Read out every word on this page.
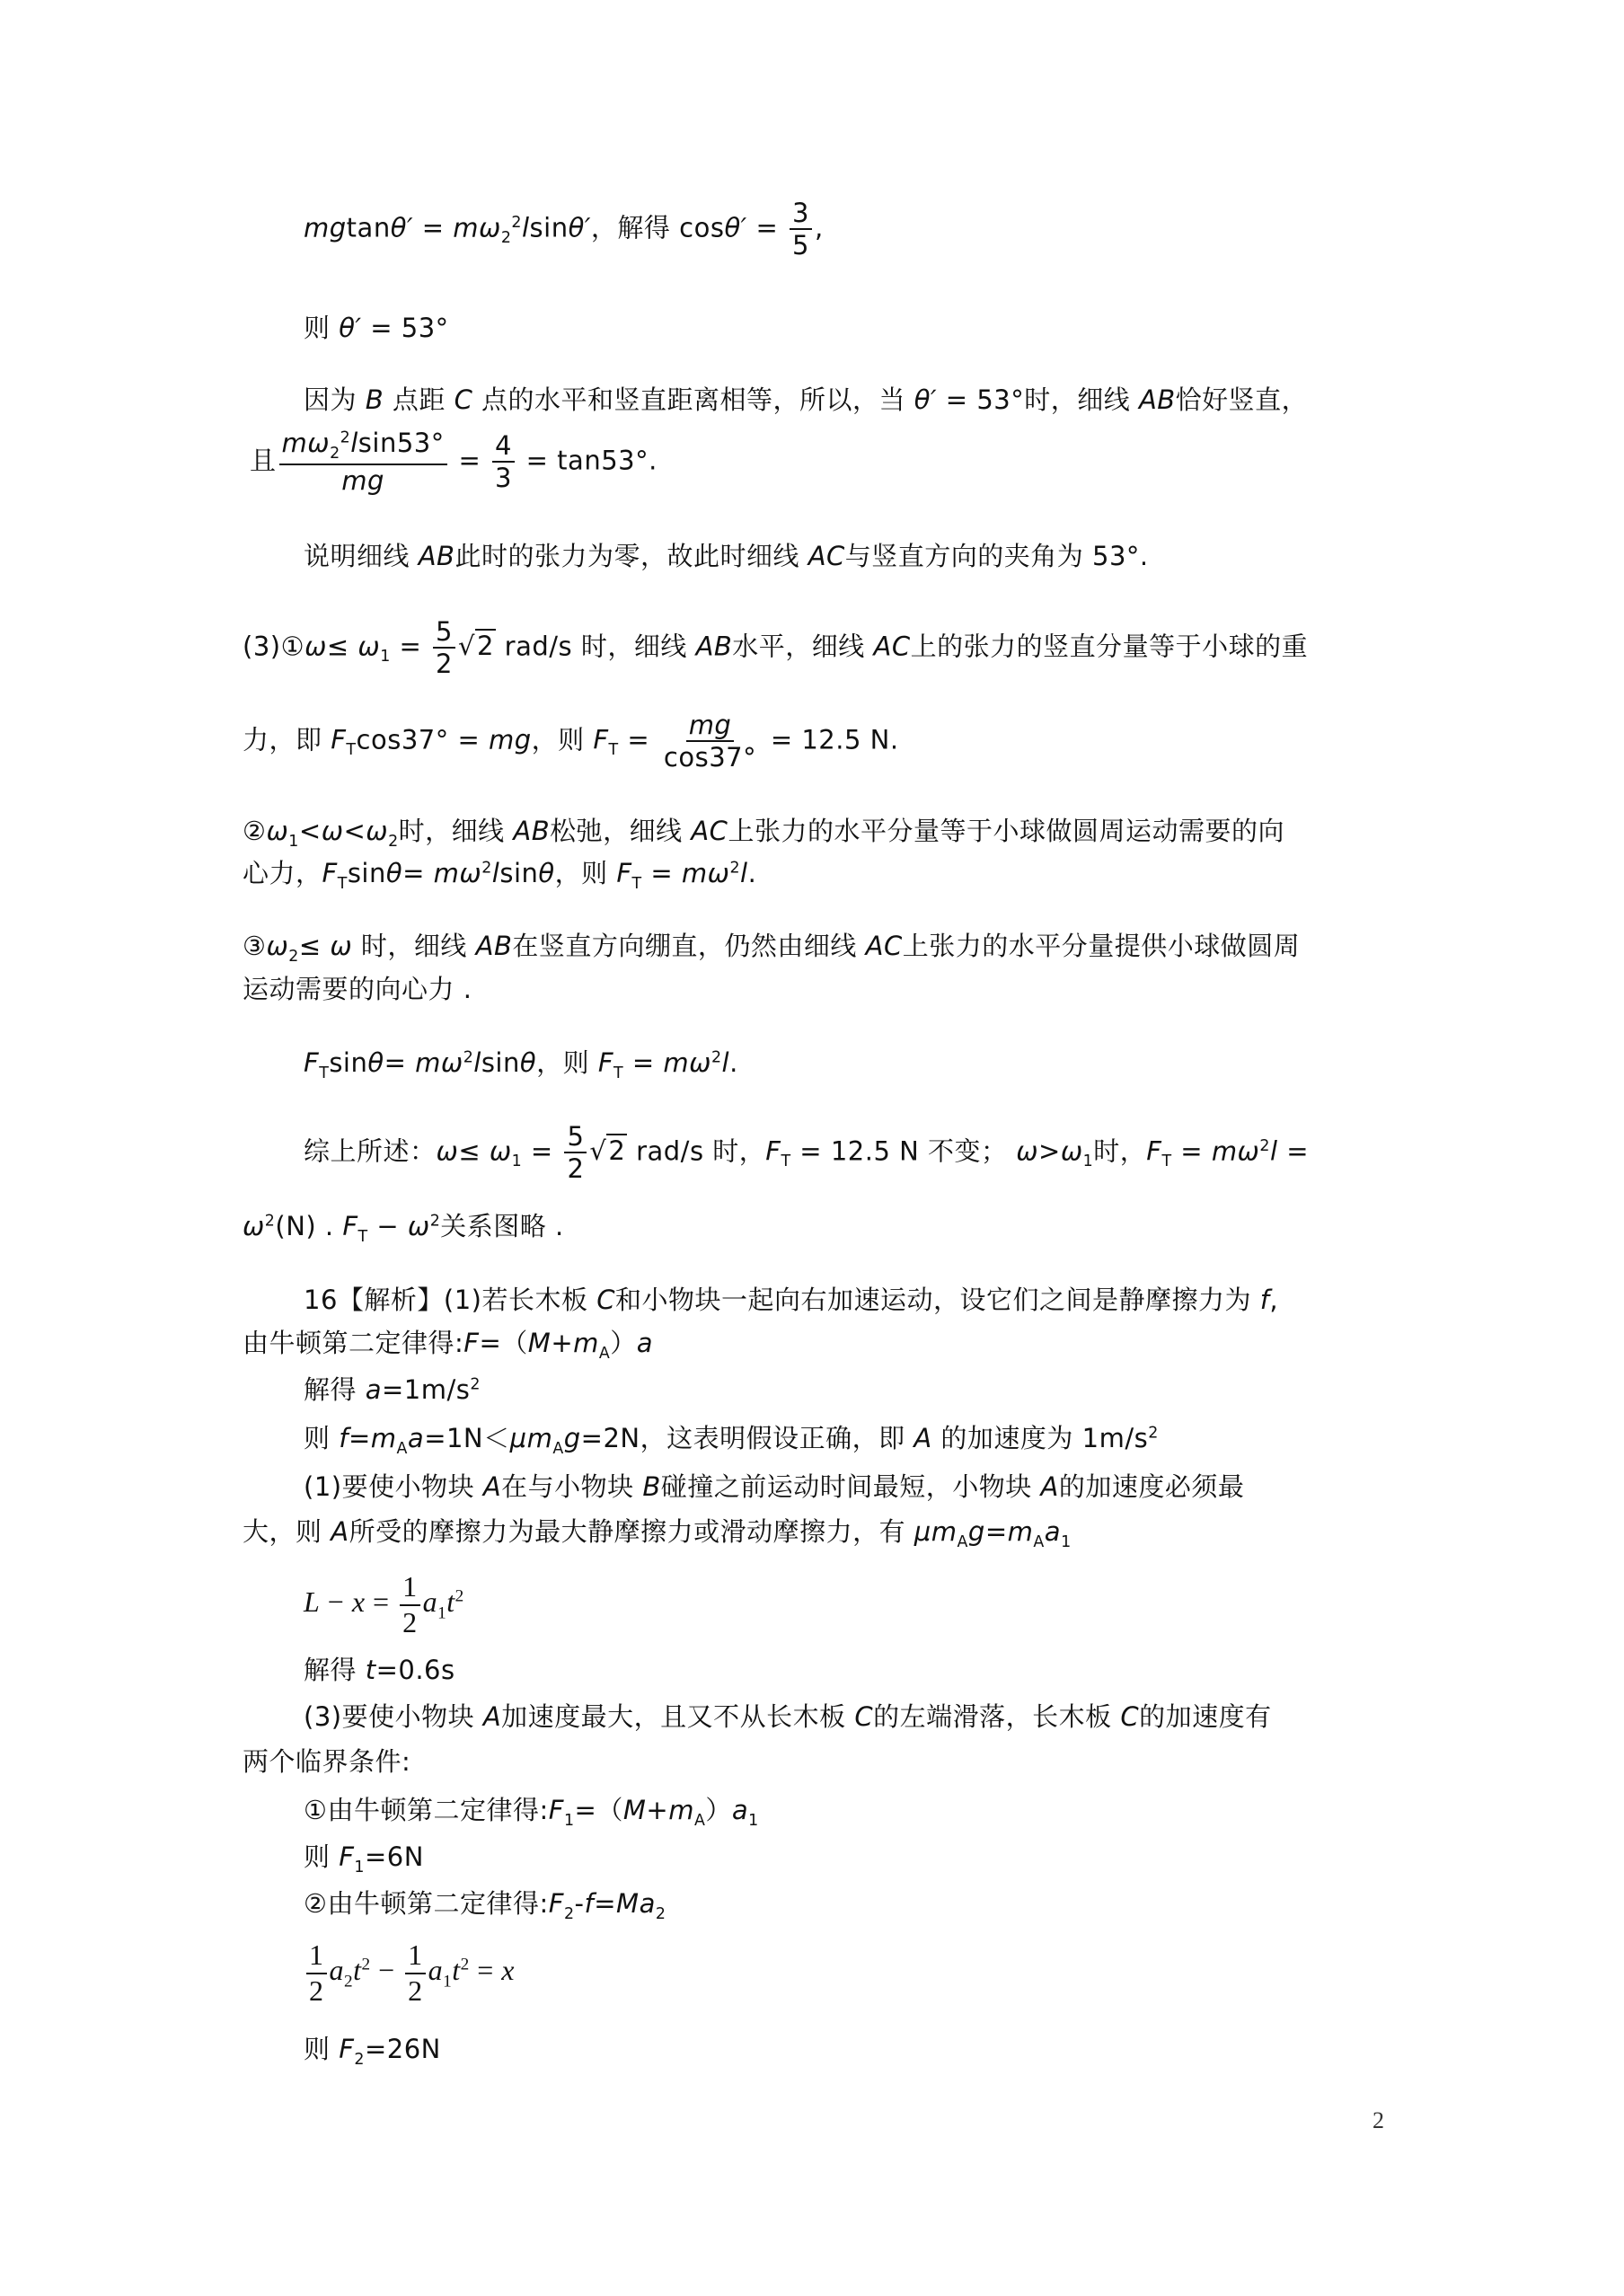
$mgtan\theta' = m\omega_2^2lsin\theta'$，解得 $\cos\theta' = \frac{3}{5}$ ,
则 θ′ = 53°
因为 B 点距 C 点的水平和竖直距离相等，所以，当 θ′ = 53°时，细线 AB恰好竖直，
且 $\frac{m\omega_2^2lsin53^\circ}{mg} = \frac{4}{3} = \tan 53^\circ$.
说明细线 AB此时的张力为零，故此时细线 AC与竖直方向的夹角为 53°.
(3)①ω≤ $\omega_1 = \frac{5}{2} √2$ rad/s 时，细线 AB水平，细线 AC上的张力的竖直分量等于小球的重
力，即 $F_T\cos 37^\circ$ = mg，则 $F_T = \frac{mg}{\cos 37^\circ} = 12.5$ N.
$②\omega_1<\omega<\omega_2$时，细线 AB松弛，细线 AC上张力的水平分量等于小球做圆周运动需要的向
心力，$F_T\sin\theta= m\omega^2lsin\theta$，则 $F_T = m\omega^2l$.
$③\omega_2\le \omega$ 时，细线 AB在竖直方向绷直，仍然由细线 AC上张力的水平分量提供小球做圆周
运动需要的向心力 .
$F_T\sin\theta= m\omega^2lsin\theta$，则 $F_T = m\omega^2l$.
综上所述：$\omega\le \omega_1 = \frac{5}{2} √2$ rad/s 时，$F_T = 12.5$ N 不变； $\omega>\omega_1$时，$F_T = m\omega^2l$ =
$\omega^2(N)$ . $F_T - \omega^2$关系图略 .
16【解析】(1)若长木板 C和小物块一起向右加速运动，设它们之间是静摩擦力为 f,
由牛顿第二定律得$:F=(M+m_A)a$
解得 $a=1m/s^2$
则 $f=m_Aa=1N<\mu m_Ag=2N$，这表明假设正确，即 A 的加速度为 $1m/s^2$
(1)要使小物块 A在与小物块 B碰撞之前运动时间最短，小物块 A的加速度必须最
大，则 A所受的摩擦力为最大静摩擦力或滑动摩擦力，有 $\mu m_Ag=m_Aa_1$
$L - x = \frac{1}{2} a_1t^2$
解得 t=0.6s
(3)要使小物块 A加速度最大，且又不从长木板 C的左端滑落，长木板 C的加速度有
两个临界条件:
①由牛顿第二定律得$:F_1=(M+m_A)a_1$
则 $F_1=6N$
②由牛顿第二定律得$:F_2-f=Ma_2$
$\frac{1}{2} a_2t^2 - \frac{1}{2} a_1t^2 = x$
则 $F_2=26N$
2
